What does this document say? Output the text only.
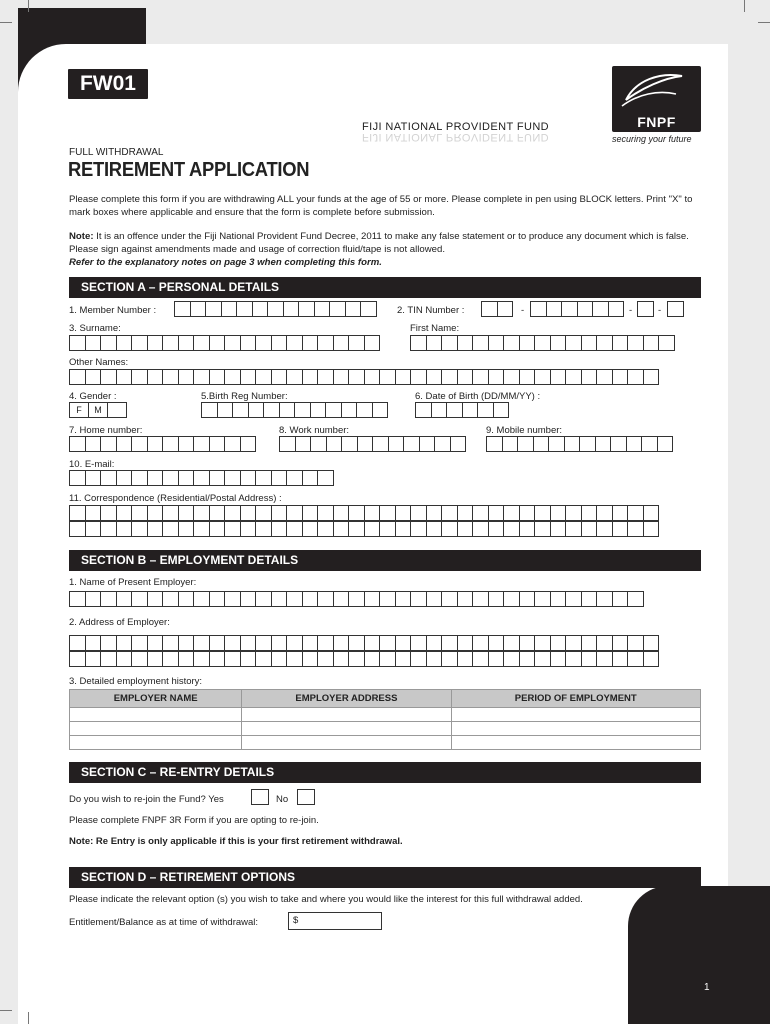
1
FW01
FIJI NATIONAL PROVIDENT FUND
FIJI NATIONAL PROVIDENT FUND
FNPF
securing your future
FULL WITHDRAWAL
RETIREMENT APPLICATION
Please complete this form if you are withdrawing ALL your funds at the age of 55 or more. Please complete in pen using BLOCK letters. Print "X" to mark boxes where applicable and ensure that the form is complete before submission.
Note: It is an offence under the Fiji National Provident Fund Decree, 2011 to make any false statement or to produce any document which is false. Please sign against amendments made and usage of correction fluid/tape is not allowed.
Refer to the explanatory notes on page 3 when completing this form.
SECTION A – PERSONAL DETAILS
1. Member Number :	2. TIN Number :	-	-	-
3. Surname:	First Name:
Other Names:
4. Gender :
F	M
5.Birth Reg Number:	6. Date of Birth (DD/MM/YY) :
7. Home number:	8. Work number:	9. Mobile number:
10. E-mail:
11. Correspondence (Residential/Postal Address) :
SECTION B – EMPLOYMENT DETAILS
1. Name of Present Employer:
2. Address of Employer:
3. Detailed employment history:
EMPLOYER NAME	EMPLOYER ADDRESS	PERIOD OF EMPLOYMENT

SECTION C – RE-ENTRY DETAILS
Do you wish to re-join the Fund? Yes	No
Please complete FNPF 3R Form if you are opting to re-join.
Note: Re Entry is only applicable if this is your first retirement withdrawal.
SECTION D – RETIREMENT OPTIONS
Please indicate the relevant option (s) you wish to take and where you would like the interest for this full withdrawal added.
Entitlement/Balance as at time of withdrawal:	$
